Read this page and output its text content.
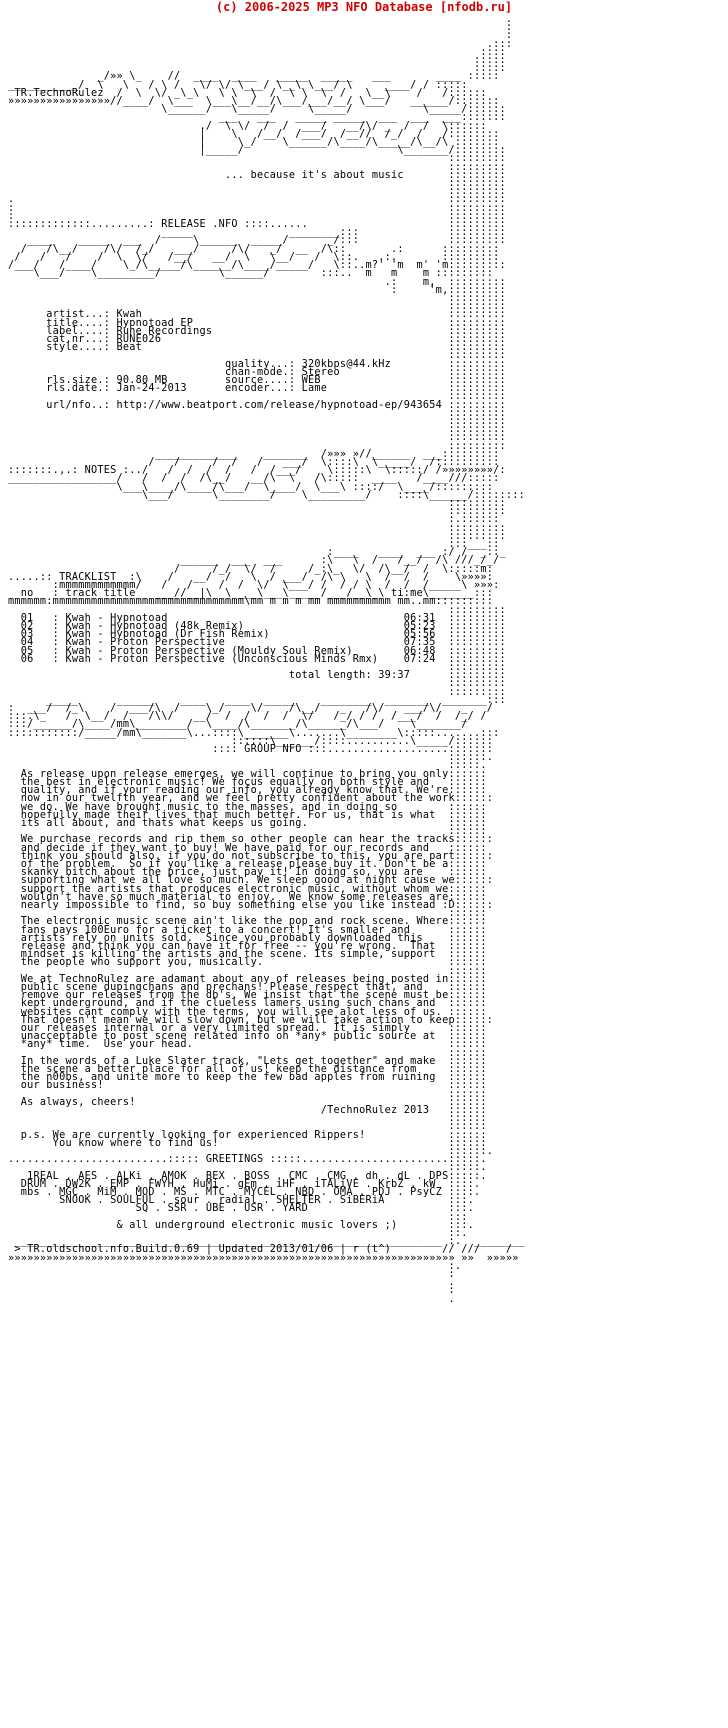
(c) 2006-2025 MP3 NFO Database [nfodb.ru]
.
:
:
.:::
::::
:::::
:::::
_/»» \_    //  ____  ____   _____  _____   ___       ____ :::::
___________/  \   \   / \ /   \/ \/ \___/ \__\ \___/ \     ____/ / :::::
TR.TechnoRulez  /  \  \/ _\_\   \ \  \  /  \ \  \  /   \__\    /   /::::::
»»»»»»»»»»»»»»»»//____/  \___  \___\__/__/\___/___/__/ \___/   ______/:::::::
\______/   \_____/     \_____/           \_____/::::::
___   ___   _____ _____  ___  ___  ___:::::::
./  \ \/  /  /  ___/   __/\/ _  /  /  \::::::
|    \   /__/  /___/  /__//  /_/  /   /::::::::
|     \_/    \______/\____/\_____/\__/\ :::::::
|_____/                        \_______/::::::::
:::::::::
:::::::::
... because it's about music       :::::::::
:::::::::
:::::::::
.                                                                    :::::::::
:                                                                    :::::::::
:                                                                    :::::::::
:::::::::::::.........: RELEASE .NFO ::::......                      :::::::::
_____               ________:::              :::::::::
____    _____  ___  /     \______  _____/      _/:::              :::::::::
/   /\__/    /\/  /_/   ___/     /\/   _/  __  /\::       .:      :::::::::
/   /   /    /  \  \/   /__/   __/  \   \__/   /  \::.   .:.       :::::::::
/___/   /____/    \_/\_____/\______/\____/_____/   \::..m?' 'm  m' 'm:::::::::
\___/    \_________/         \______/        :::..  m   m    m :::::::::
.:    m,  :::::::::
:     'm,:::::::::
:::::::::
:::::::::
artist...: Kwah                                                :::::::::
title....: Hypnotoad EP                                        :::::::::
label....: Rune Recordings                                     :::::::::
cat.nr...: RUNE026                                             :::::::::
style....: Beat                                                :::::::::
:::::::::
quality...: 320kbps@44.kHz         :::::::::
chan-mode.: Stereo                 :::::::::
rls.size.: 90.80 MB         source....: WEB                    :::::::::
rls.date.: Jan-24-2013      encoder...: Lame                   :::::::::
:::::::::
url/nfo..: http://www.beatport.com/release/hypnotoad-ep/943654 :::::::::
:::::::::
:::::::::
:::::::::
:::::::::
:::::::::
_____________    _______  /»»» »//______  ___:::::::::
/   /     /  /   /   ___/  \::::\  \_____/  /::::::::::
:::::::.,.: NOTES :../   /  /  /  /   /  /___/    \:::::\  \:::::/ /»»»»»»»»/:
_________________/   /  /  /  /\__/   __/\  \   /\:::::  ____   /____///:::::
\___\____/\____/\___/  \____/  \___\ ::::/  \____/:::::::::
\___/      \________/    \_________/    ::::\______/::::::::
:::::::::
:::::::::
:.::::::
:::::::::
:::::::::
:::___::
:____   ____  ___ :/ /  _::_
______  ___  ___      :\   \  /   /__/  /\ ///_/_/
/     /_/  \/  /     /_:\_  \/  /\__/  /  \:::::m:
.....:: TRACKLIST  :\    /   __/  /   \  / ___/  /\ \   \  /  /  /    \»»»»:
:mmmmmmmmmmmm/   /   /    /  /  \/  \___/ /  / / \  /  /  /_____\ »»»:
no   : track title   ___//__|\  \ ___\___\_____/___/__\_\ ti:me\_______:::
mmmmmm:mmmmmmmmmmmmmmmmmmmmmmmmmmmmmm\mm m m m mm mmmmmmmmmm mm..mm:::::::::
:::::::::
01   : Kwah - Hypnotoad                                     06:31  :::::::::
02   : Kwah - Hypnotoad (48k Remix)                         05:23  :::::::::
03   : Kwah - Hypnotoad (Dr Fish Remix)                     05:56  :::::::::
04   : Kwah - Proton Perspective                            07:35  :::::::::
05   : Kwah - Proton Perspective (Mouldy Soul Remix)        06:48  :::::::::
06   : Kwah - Proton Perspective (Unconscious Minds Rmx)    07:24  :::::::::
:::::::::
total length: 39:37      :::::::::
:::::::::
:::::::::
_____      ______    ____   ____  _____    ________  _______  _______:::
:  ___/  /_\    /  ___/\  /    \_/    \/    /\__/   _   /\/   ___/\/   _   /
:::.\_   /  \__/  /   /\\/   __/  /  /  /  /  \/   /_/ / /  /___/  /  /_/ /
:::/______/\____/mm\________/  \____/\_______/\______/\___/    \_______/
:::::::::::/_____/mm\_______\...::::\_______\.......\________\:::::.......:::
::::::\______/::::..........\_____/::::::
:::: GROUP NFO :::...................:::::::
::::::.
:::::.
As release upon release emerges, we will continue to bring you only::::::
the best in electronic music! We focus equally on both style and   ::::::
quality, and if your reading our info, you already know that. We're::::::
now in our twelfth year, and we feel pretty confident about the work::::::
we do. We have brought music to the masses, and in doing so        ::::::
hopefully made their lives that much better. For us, that is what  ::::::
its all about, and thats what keeps us going.                      ::::::
::::::
We purchase records and rip them so other people can hear the tracks::::::
and decide if they want to buy! We have paid for our records and   ::::::
think you should also. if you do not subscribe to this, you are part::::::
of the problem.  So if you like a release please buy it. Don't be a::::::
skanky bitch about the price, just pay it! In doing so, you are    ::::::
supporting what we all love so much. We sleep good at night cause we::::::
support the artists that produces electronic music, without whom we::::::
wouldn't have so much material to enjoy.  We know some releases are::::::
nearly impossible to find, so buy something else you like instead :D::::::
::::::
The electronic music scene ain't like the pop and rock scene. Where::::::
fans pays 100Euro for a ticket to a concert! It's smaller and      ::::::
artists rely on units sold.  Since you probably downloaded this    ::::::
release and think you can have it for free -- you're wrong.  That  ::::::
mindset is killing the artists and the scene. Its simple, support  ::::::
the people who support you, musically.                             ::::::
::::::
We at TechnoRulez are adamant about any of releases being posted in::::::
public scene dupingchans and prechans! Please respect that, and    ::::::
remove our releases from the db's. We insist that the scene must be::::::
kept underground, and if the clueless lamers using such chans and  ::::::
websites cant comply with the terms, you will see alot less of us. ::::::
That doesn't mean we will slow down, but we will take action to keep::::::
our releases internal or a very limited spread.  It is simply      ::::::
unacceptable to post scene related info on *any* public source at  ::::::
*any* time.  Use your head.                                        ::::::
::::::
In the words of a Luke Slater track, "Lets get together" and make  ::::::
the scene a better place for all of us! keep the distance from     ::::::
the n00bs, and unite more to keep the few bad apples from ruining  ::::::
our business!                                                      ::::::
::::::
As always, cheers!                                                 ::::::
/TechnoRulez 2013   ::::::
::::::
::::::
p.s. We are currently looking for experienced Rippers!             ::::::
You know where to find us!                                    ::::::
::::::.
.........................::::: GREETINGS :::::.......................:::::.
:::::.
1REAL . AES . ALKi . AMOK . BEX . BOSS . CMC . CMG . dh . dL . DPS:::::.
DRUM . DW2K . EMP . FWYH . HuMi . gEm . iHF . iTALiVE . KrbZ . kW  ::::.
mbs . MGC . MiM . MOD . MS . MTC . MYCEL . NBD . OMA . PDJ . PsyCZ ::::.
SNOOK . SOULFUL . sour . radial . SHELTER . SiBERiA          :::.
SQ . SSR . UBE . USR . YARD                      :::.
:::
& all underground electronic music lovers ;)        :::.
::.
___________________________________________________________________ :.  ________
> TR.oldschool.nfo.Build.0.69 | Updated 2013/01/06 | r (t^)        // ///    /
»»»»»»»»»»»»»»»»»»»»»»»»»»»»»»»»»»»»»»»»»»»»»»»»»»»»»»»»»»»»»»»»»»»»»» »»  »»»»»
:.
:
.
:
.
